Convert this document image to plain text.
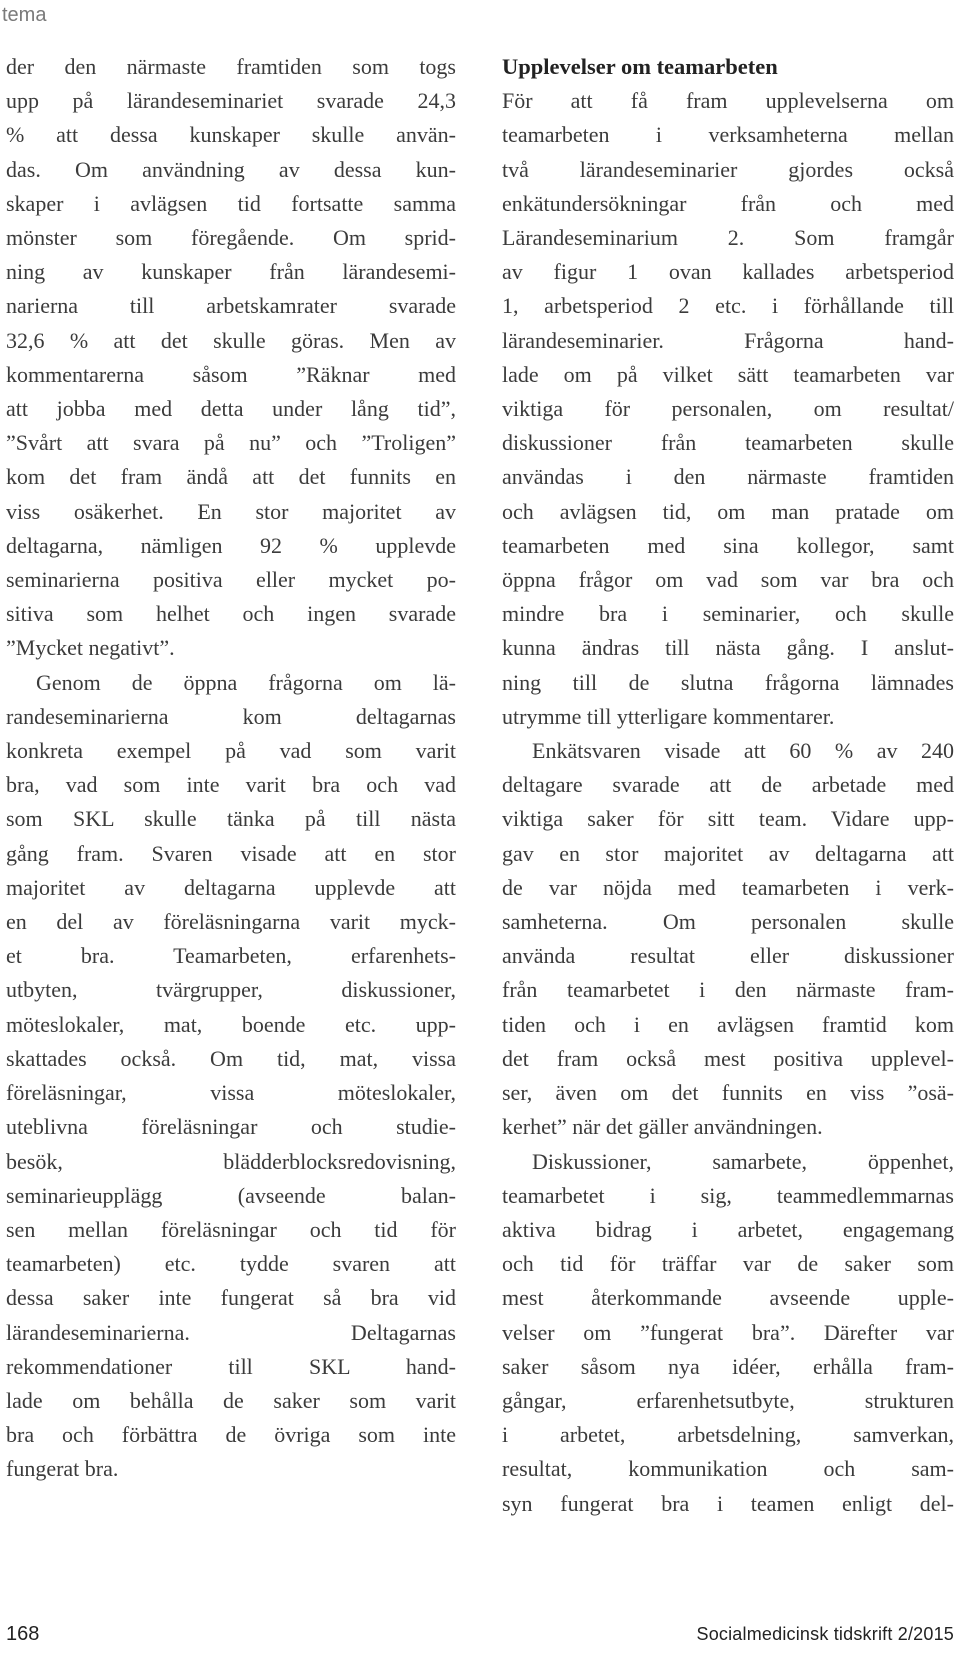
tema
der den närmaste framtiden som togs
upp på lärandeseminariet svarade 24,3
% att dessa kunskaper skulle använ-
das. Om användning av dessa kun-
skaper i avlägsen tid fortsatte samma
mönster som föregående. Om sprid-
ning av kunskaper från lärandesemi-
narierna till arbetskamrater svarade
32,6 % att det skulle göras. Men av
kommentarerna såsom ”Räknar med
att jobba med detta under lång tid”,
”Svårt att svara på nu” och ”Troligen”
kom det fram ändå att det funnits en
viss osäkerhet. En stor majoritet av
deltagarna, nämligen 92 % upplevde
seminarierna positiva eller mycket po-
sitiva som helhet och ingen svarade
”Mycket negativt”.
Genom de öppna frågorna om lä-
randeseminarierna kom deltagarnas
konkreta exempel på vad som varit
bra, vad som inte varit bra och vad
som SKL skulle tänka på till nästa
gång fram. Svaren visade att en stor
majoritet av deltagarna upplevde att
en del av föreläsningarna varit myck-
et bra. Teamarbeten, erfarenhets-
utbyten, tvärgrupper, diskussioner,
möteslokaler, mat, boende etc. upp-
skattades också. Om tid, mat, vissa
föreläsningar, vissa möteslokaler,
uteblivna föreläsningar och studie-
besök, blädderblocksredovisning,
seminarieupplägg (avseende balan-
sen mellan föreläsningar och tid för
teamarbeten) etc. tydde svaren att
dessa saker inte fungerat så bra vid
lärandeseminarierna. Deltagarnas
rekommendationer till SKL hand-
lade om behålla de saker som varit
bra och förbättra de övriga som inte
fungerat bra.
Upplevelser om teamarbeten
För att få fram upplevelserna om
teamarbeten i verksamheterna mellan
två lärandeseminarier gjordes också
enkätundersökningar från och med
Lärandeseminarium 2. Som framgår
av figur 1 ovan kallades arbetsperiod
1, arbetsperiod 2 etc. i förhållande till
lärandeseminarier. Frågorna hand-
lade om på vilket sätt teamarbeten var
viktiga för personalen, om resultat/
diskussioner från teamarbeten skulle
användas i den närmaste framtiden
och avlägsen tid, om man pratade om
teamarbeten med sina kollegor, samt
öppna frågor om vad som var bra och
mindre bra i seminarier, och skulle
kunna ändras till nästa gång. I anslut-
ning till de slutna frågorna lämnades
utrymme till ytterligare kommentarer.
Enkätsvaren visade att 60 % av 240
deltagare svarade att de arbetade med
viktiga saker för sitt team. Vidare upp-
gav en stor majoritet av deltagarna att
de var nöjda med teamarbeten i verk-
samheterna. Om personalen skulle
använda resultat eller diskussioner
från teamarbetet i den närmaste fram-
tiden och i en avlägsen framtid kom
det fram också mest positiva upplevel-
ser, även om det funnits en viss ”osä-
kerhet” när det gäller användningen.
Diskussioner, samarbete, öppenhet,
teamarbetet i sig, teammedlemmarnas
aktiva bidrag i arbetet, engagemang
och tid för träffar var de saker som
mest återkommande avseende upple-
velser om ”fungerat bra”. Därefter var
saker såsom nya idéer, erhålla fram-
gångar, erfarenhetsutbyte, strukturen
i arbetet, arbetsdelning, samverkan,
resultat, kommunikation och sam-
syn fungerat bra i teamen enligt del-
168	Socialmedicinsk tidskrift 2/2015
